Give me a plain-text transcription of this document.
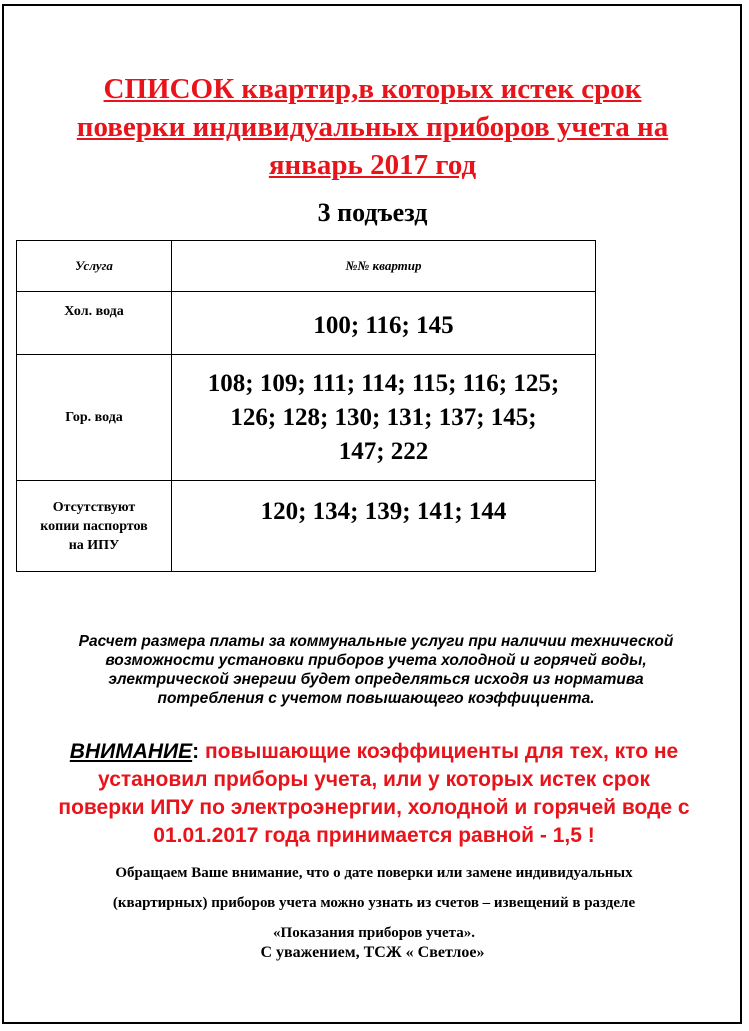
СПИСОК квартир,в которых истек срок
поверки индивидуальных приборов учета на
январь 2017 год
3 подъезд
Услуга	№№ квартир

Хол. вода	100; 116; 145

Гор. вода	108; 109; 111; 114; 115; 116; 125;
126; 128; 130; 131; 137; 145;
147; 222

Отсутствуют
копии паспортов
на ИПУ	120; 134; 139; 141; 144
Расчет размера платы за коммунальные услуги при наличии технической
возможности установки приборов учета холодной и горячей воды,
электрической энергии будет определяться исходя из норматива
потребления с учетом повышающего коэффициента.
ВНИМАНИЕ: повышающие коэффициенты для тех, кто не
установил приборы учета, или у которых истек срок
поверки ИПУ по электроэнергии, холодной и горячей воде с
01.01.2017 года принимается равной - 1,5 !
Обращаем Ваше внимание, что о дате поверки или замене индивидуальных
(квартирных) приборов учета можно узнать из счетов – извещений в разделе
«Показания приборов учета».
С уважением, ТСЖ « Светлое»
